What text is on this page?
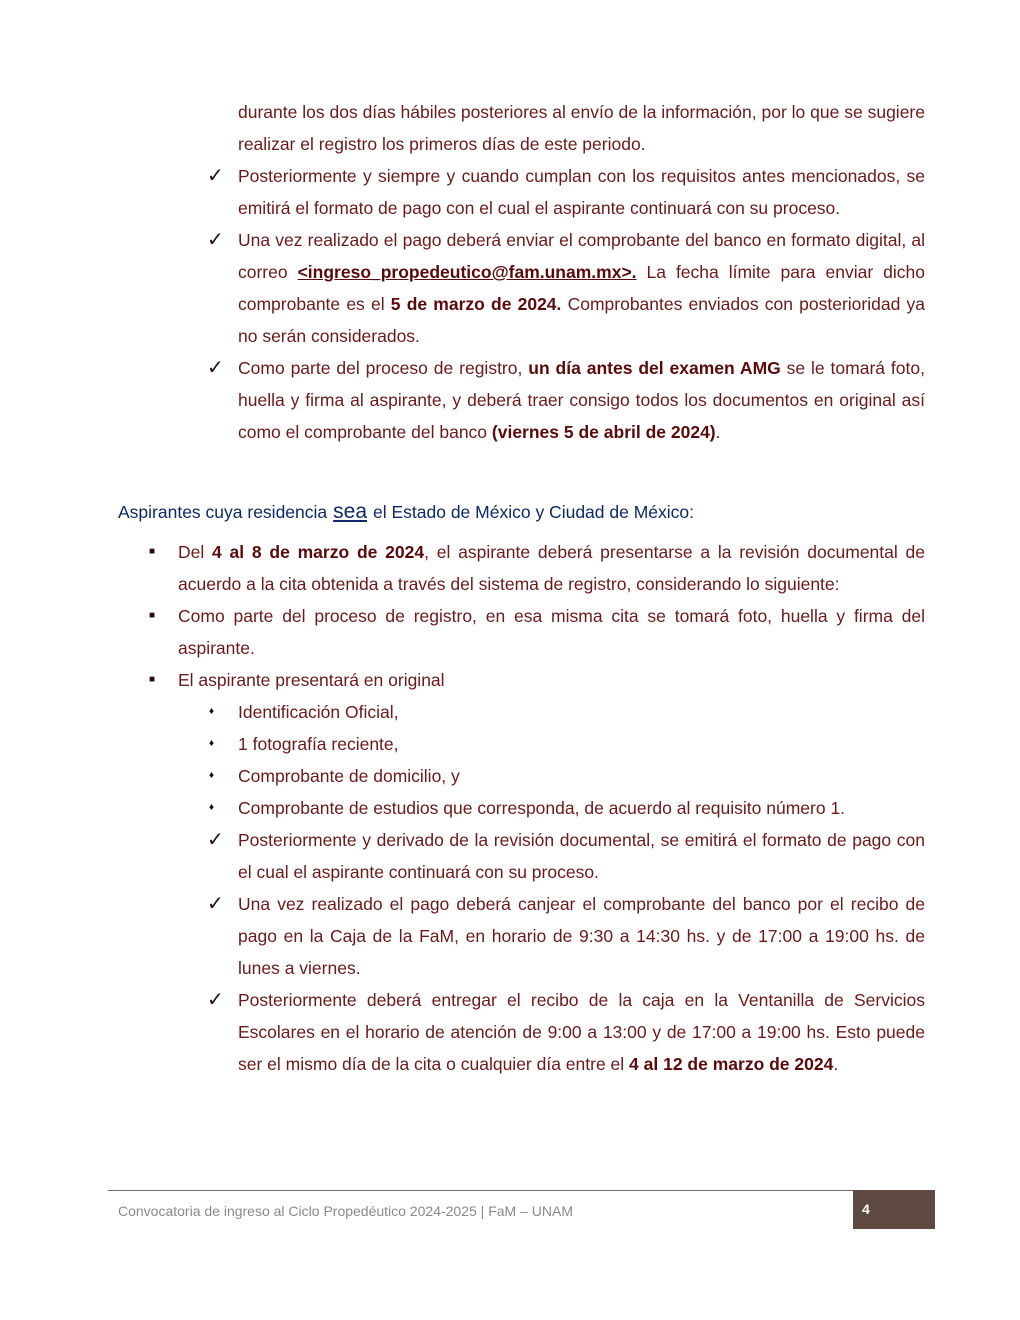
durante los dos días hábiles posteriores al envío de la información, por lo que se sugiere realizar el registro los primeros días de este periodo.
✓ Posteriormente y siempre y cuando cumplan con los requisitos antes mencionados, se emitirá el formato de pago con el cual el aspirante continuará con su proceso.
✓ Una vez realizado el pago deberá enviar el comprobante del banco en formato digital, al correo <ingreso_propedeutico@fam.unam.mx>. La fecha límite para enviar dicho comprobante es el 5 de marzo de 2024. Comprobantes enviados con posterioridad ya no serán considerados.
✓ Como parte del proceso de registro, un día antes del examen AMG se le tomará foto, huella y firma al aspirante, y deberá traer consigo todos los documentos en original así como el comprobante del banco (viernes 5 de abril de 2024).
Aspirantes cuya residencia sea el Estado de México y Ciudad de México:
■ Del 4 al 8 de marzo de 2024, el aspirante deberá presentarse a la revisión documental de acuerdo a la cita obtenida a través del sistema de registro, considerando lo siguiente:
■ Como parte del proceso de registro, en esa misma cita se tomará foto, huella y firma del aspirante.
■ El aspirante presentará en original
♦ Identificación Oficial,
♦ 1 fotografía reciente,
♦ Comprobante de domicilio, y
♦ Comprobante de estudios que corresponda, de acuerdo al requisito número 1.
✓ Posteriormente y derivado de la revisión documental, se emitirá el formato de pago con el cual el aspirante continuará con su proceso.
✓ Una vez realizado el pago deberá canjear el comprobante del banco por el recibo de pago en la Caja de la FaM, en horario de 9:30 a 14:30 hs. y de 17:00 a 19:00 hs. de lunes a viernes.
✓ Posteriormente deberá entregar el recibo de la caja en la Ventanilla de Servicios Escolares en el horario de atención de 9:00 a 13:00 y de 17:00 a 19:00 hs. Esto puede ser el mismo día de la cita o cualquier día entre el 4 al 12 de marzo de 2024.
Convocatoria de ingreso al Ciclo Propedéutico 2024-2025 | FaM – UNAM	4
